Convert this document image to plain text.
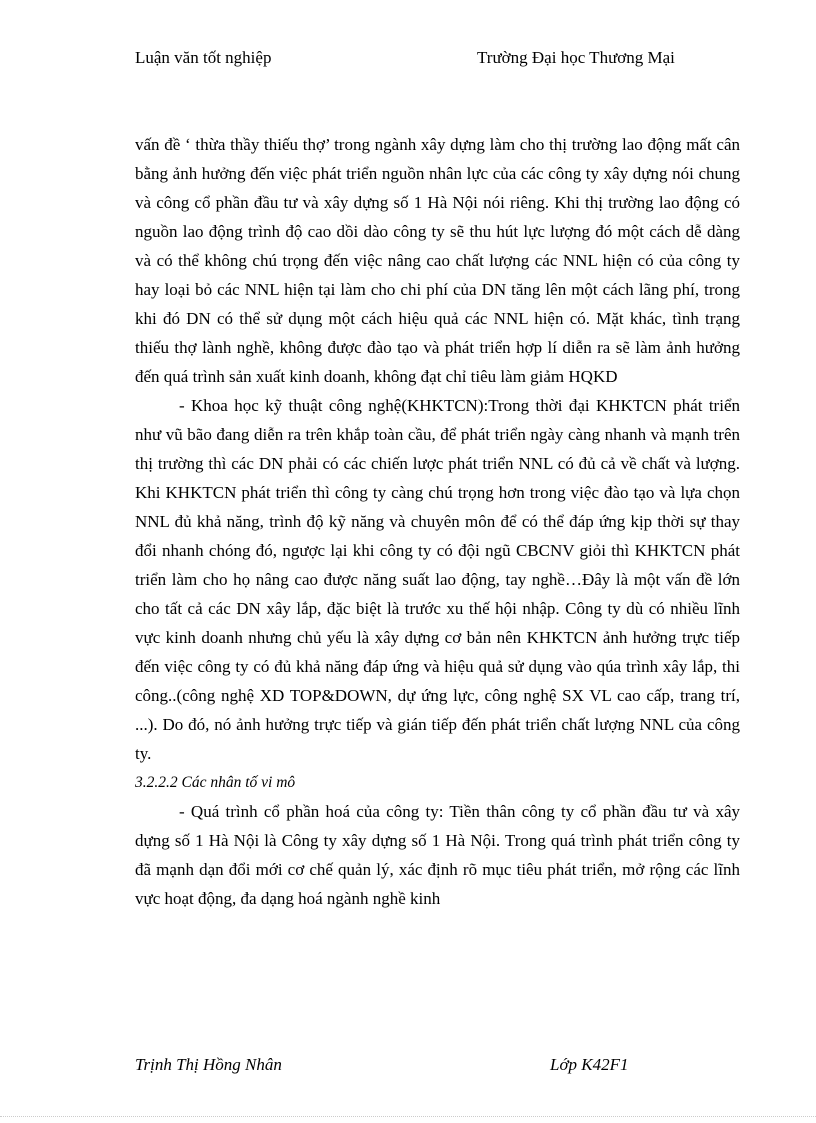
Luận văn tốt nghiệp	Trường Đại học Thương Mại

vấn đề ‘ thừa thầy thiếu thợ’ trong ngành xây dựng làm cho thị trường lao động mất cân bằng ảnh hưởng đến việc phát triển nguồn nhân lực của các công ty xây dựng nói chung và công cổ phần đầu tư và xây dựng số 1 Hà Nội nói riêng. Khi thị trường lao động có nguồn lao động trình độ cao dồi dào công ty sẽ thu hút lực lượng đó một cách dễ dàng và có thể không chú trọng đến việc nâng cao chất lượng các NNL hiện có của công ty hay loại bỏ các NNL hiện tại làm cho chi phí của DN tăng lên một cách lãng phí, trong khi đó DN có thể sử dụng một cách hiệu quả các NNL hiện có. Mặt khác, tình trạng thiếu thợ lành nghề, không được đào tạo và phát triển hợp lí diễn ra sẽ làm ảnh hưởng đến quá trình sản xuất kinh doanh, không đạt chỉ tiêu làm giảm HQKD

- Khoa học kỹ thuật công nghệ(KHKTCN):Trong thời đại KHKTCN phát triển như vũ bão đang diễn ra trên khắp toàn cầu, để phát triển ngày càng nhanh và mạnh trên thị trường thì các DN phải có các chiến lược phát triển NNL có đủ cả về chất và lượng. Khi KHKTCN phát triển thì công ty càng chú trọng hơn trong việc đào tạo và lựa chọn NNL đủ khả năng, trình độ kỹ năng và chuyên môn để có thể đáp ứng kịp thời sự thay đổi nhanh chóng đó, ngược lại khi công ty có đội ngũ CBCNV giỏi thì KHKTCN phát triển làm cho họ nâng cao được năng suất lao động, tay nghề…Đây là một vấn đề lớn cho tất cả các DN xây lắp, đặc biệt là trước xu thế hội nhập. Công ty dù có nhiều lĩnh vực kinh doanh nhưng chủ yếu là xây dựng cơ bản nên KHKTCN ảnh hưởng trực tiếp đến việc công ty có đủ khả năng đáp ứng và hiệu quả sử dụng vào qúa trình xây lắp, thi công..(công nghệ XD TOP&DOWN, dự ứng lực, công nghệ SX VL cao cấp, trang trí, ...). Do đó, nó ảnh hưởng trực tiếp và gián tiếp đến phát triển chất lượng NNL của công ty.

3.2.2.2 Các nhân tố vi mô

- Quá trình cổ phần hoá của công ty: Tiền thân công ty cổ phần đầu tư và xây dựng số 1 Hà Nội là Công ty xây dựng số 1 Hà Nội. Trong quá trình phát triển công ty đã mạnh dạn đổi mới cơ chế quản lý, xác định rõ mục tiêu phát triển, mở rộng các lĩnh vực hoạt động, đa dạng hoá ngành nghề kinh

Trịnh Thị Hồng Nhân	Lớp K42F1
